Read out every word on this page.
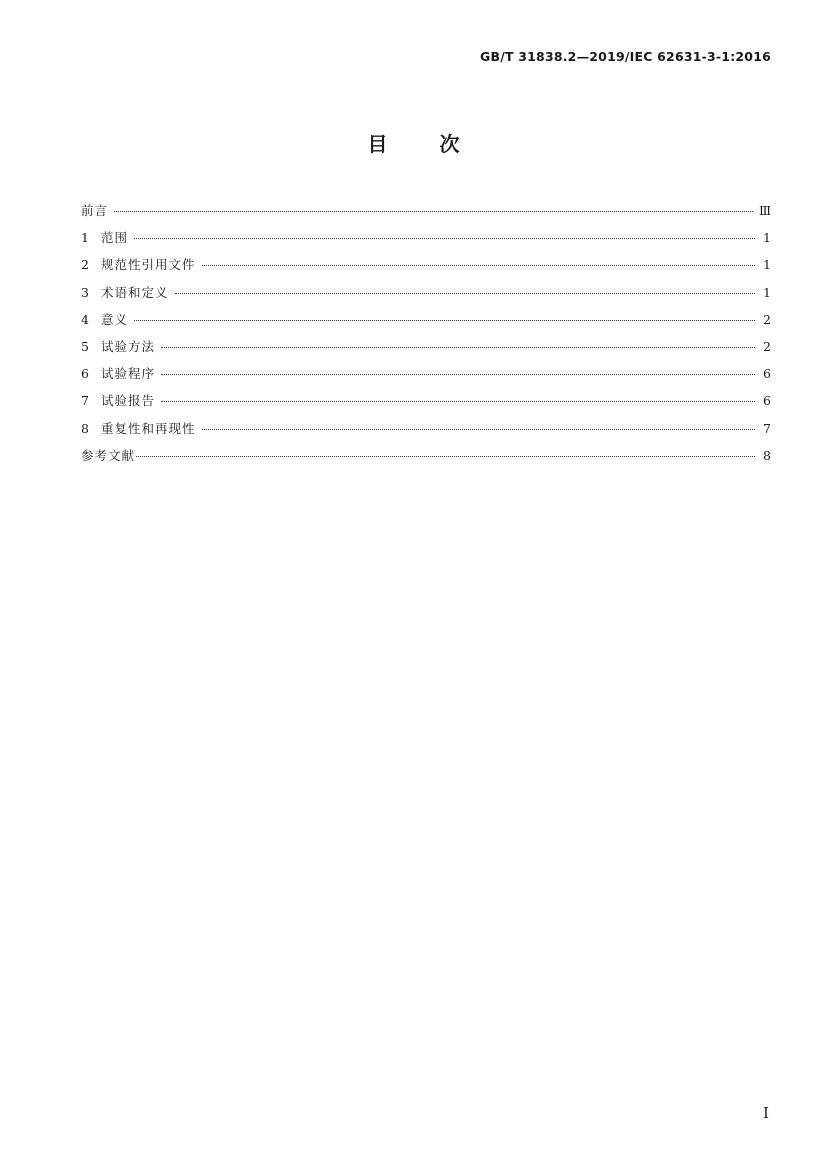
GB/T 31838.2—2019/IEC 62631-3-1:2016
目	次
前言	Ⅲ
1 范围	1
2 规范性引用文件	1
3 术语和定义	1
4 意义	2
5 试验方法	2
6 试验程序	6
7 试验报告	6
8 重复性和再现性	7
参考文献	8
I
